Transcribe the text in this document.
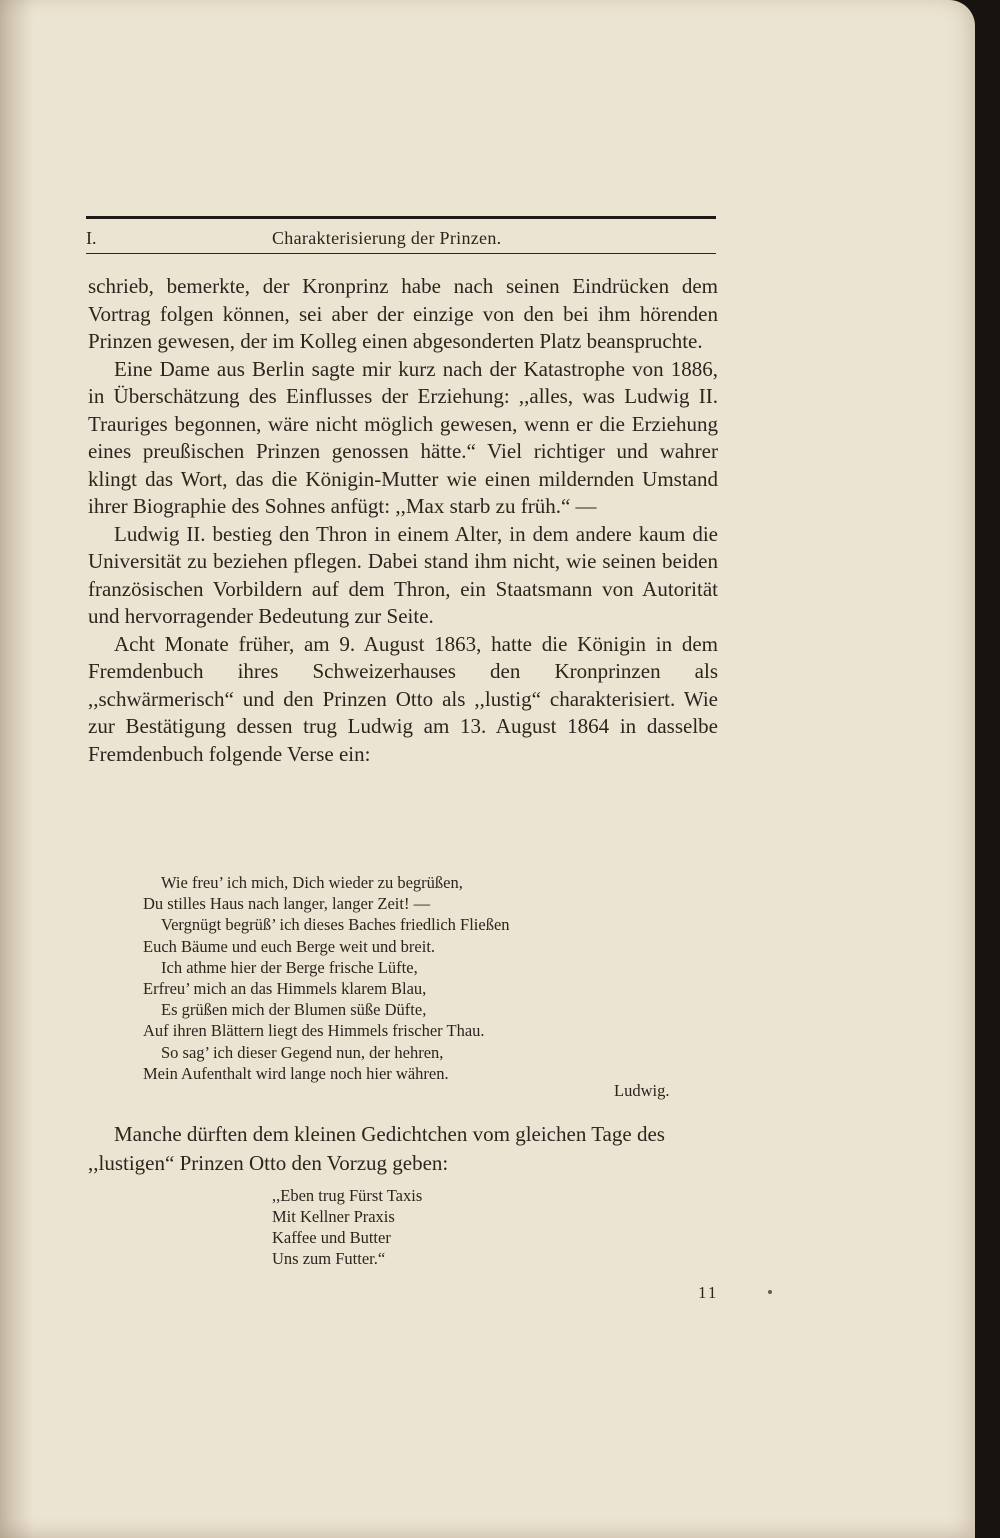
I.	Charakterisierung der Prinzen.

schrieb, bemerkte, der Kronprinz habe nach seinen Eindrücken dem Vortrag folgen können, sei aber der einzige von den bei ihm hörenden Prinzen gewesen, der im Kolleg einen abgesonderten Platz beanspruchte.

Eine Dame aus Berlin sagte mir kurz nach der Katastrophe von 1886, in Überschätzung des Einflusses der Erziehung: ,,alles, was Ludwig II. Trauriges begonnen, wäre nicht möglich gewesen, wenn er die Erziehung eines preußischen Prinzen genossen hätte.“ Viel richtiger und wahrer klingt das Wort, das die Königin-Mutter wie einen mildernden Umstand ihrer Biographie des Sohnes anfügt: ,,Max starb zu früh.“ —

Ludwig II. bestieg den Thron in einem Alter, in dem andere kaum die Universität zu beziehen pflegen. Dabei stand ihm nicht, wie seinen beiden französischen Vorbildern auf dem Thron, ein Staatsmann von Autorität und hervorragender Bedeutung zur Seite.

Acht Monate früher, am 9. August 1863, hatte die Königin in dem Fremdenbuch ihres Schweizerhauses den Kronprinzen als ,,schwärmerisch“ und den Prinzen Otto als ,,lustig“ charakterisiert. Wie zur Bestätigung dessen trug Ludwig am 13. August 1864 in dasselbe Fremdenbuch folgende Verse ein:

Wie freu’ ich mich, Dich wieder zu begrüßen,
Du stilles Haus nach langer, langer Zeit! —
Vergnügt begrüß’ ich dieses Baches friedlich Fließen
Euch Bäume und euch Berge weit und breit.
Ich athme hier der Berge frische Lüfte,
Erfreu’ mich an das Himmels klarem Blau,
Es grüßen mich der Blumen süße Düfte,
Auf ihren Blättern liegt des Himmels frischer Thau.
So sag’ ich dieser Gegend nun, der hehren,
Mein Aufenthalt wird lange noch hier währen.
Ludwig.

Manche dürften dem kleinen Gedichtchen vom gleichen Tage des ,,lustigen“ Prinzen Otto den Vorzug geben:

,,Eben trug Fürst Taxis
Mit Kellner Praxis
Kaffee und Butter
Uns zum Futter.“
11
